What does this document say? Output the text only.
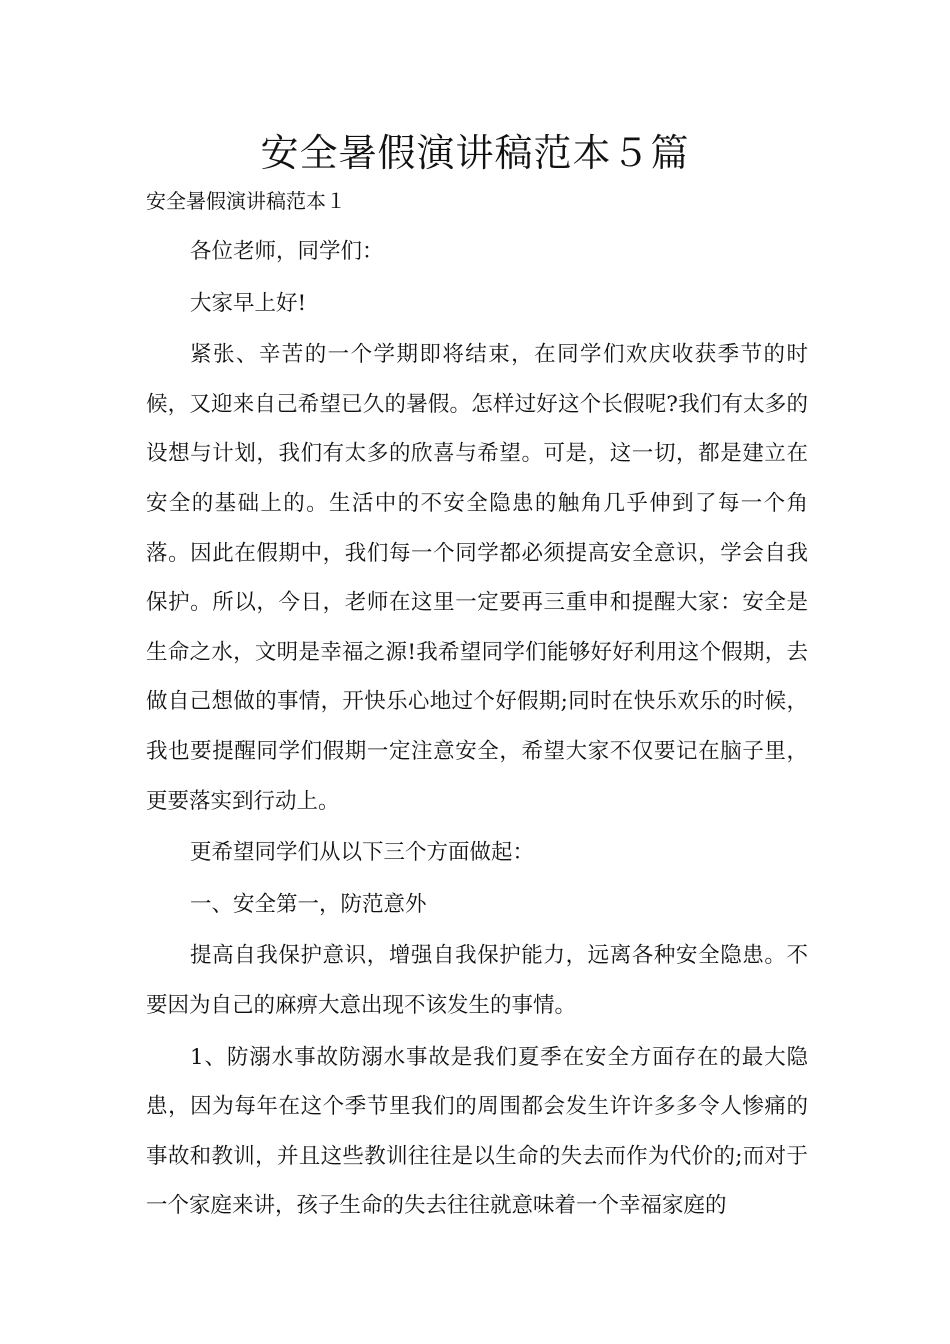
安全暑假演讲稿范本５篇

安全暑假演讲稿范本１

各位老师，同学们：

大家早上好!

紧张、辛苦的一个学期即将结束，在同学们欢庆收获季节的时候，又迎来自己希望已久的暑假。怎样过好这个长假呢?我们有太多的设想与计划，我们有太多的欣喜与希望。可是，这一切，都是建立在安全的基础上的。生活中的不安全隐患的触角几乎伸到了每一个角落。因此在假期中，我们每一个同学都必须提高安全意识，学会自我保护。所以，今日，老师在这里一定要再三重申和提醒大家：安全是生命之水，文明是幸福之源!我希望同学们能够好好利用这个假期，去做自己想做的事情，开快乐心地过个好假期;同时在快乐欢乐的时候，我也要提醒同学们假期一定注意安全，希望大家不仅要记在脑子里，更要落实到行动上。

更希望同学们从以下三个方面做起：

一、安全第一，防范意外

提高自我保护意识，增强自我保护能力，远离各种安全隐患。不要因为自己的麻痹大意出现不该发生的事情。

1、防溺水事故防溺水事故是我们夏季在安全方面存在的最大隐患，因为每年在这个季节里我们的周围都会发生许许多多令人惨痛的事故和教训，并且这些教训往往是以生命的失去而作为代价的;而对于一个家庭来讲，孩子生命的失去往往就意味着一个幸福家庭的
